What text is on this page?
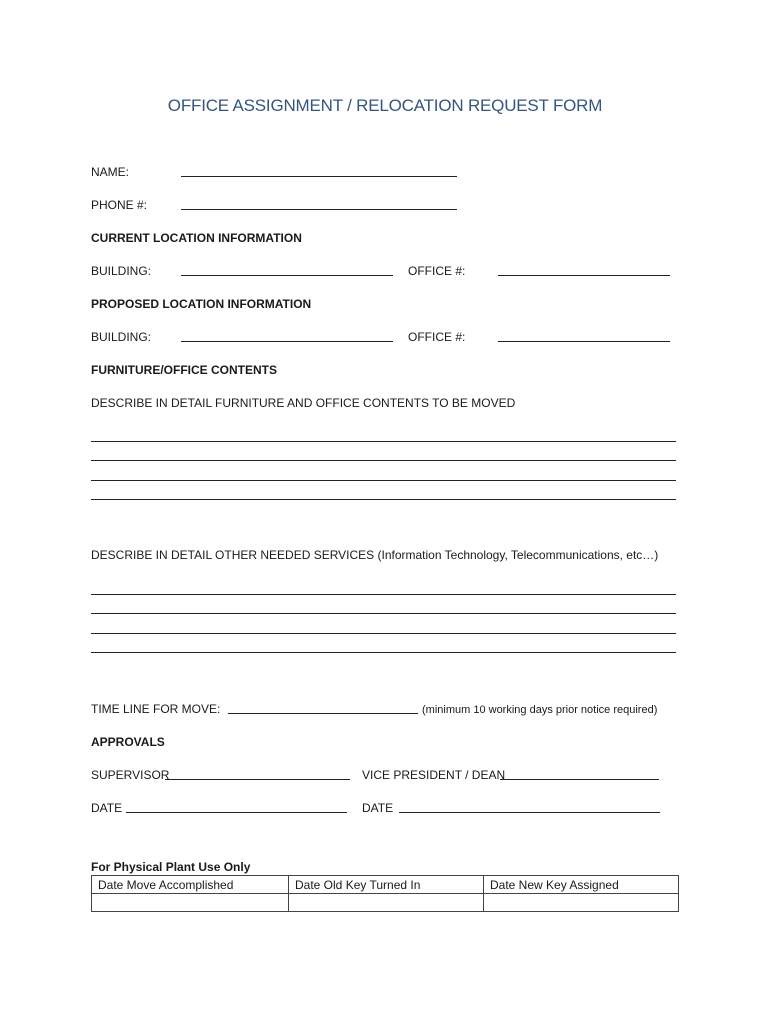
OFFICE ASSIGNMENT / RELOCATION REQUEST FORM
NAME:
PHONE #:
CURRENT LOCATION INFORMATION
BUILDING:	OFFICE #:
PROPOSED LOCATION INFORMATION
BUILDING:	OFFICE #:
FURNITURE/OFFICE CONTENTS
DESCRIBE IN DETAIL FURNITURE AND OFFICE CONTENTS TO BE MOVED
DESCRIBE IN DETAIL OTHER NEEDED SERVICES (Information Technology, Telecommunications, etc…)
TIME LINE FOR MOVE:	(minimum 10 working days prior notice required)
APPROVALS
SUPERVISOR	VICE PRESIDENT / DEAN
DATE	DATE
For Physical Plant Use Only
Date Move Accomplished	Date Old Key Turned In	Date New Key Assigned
